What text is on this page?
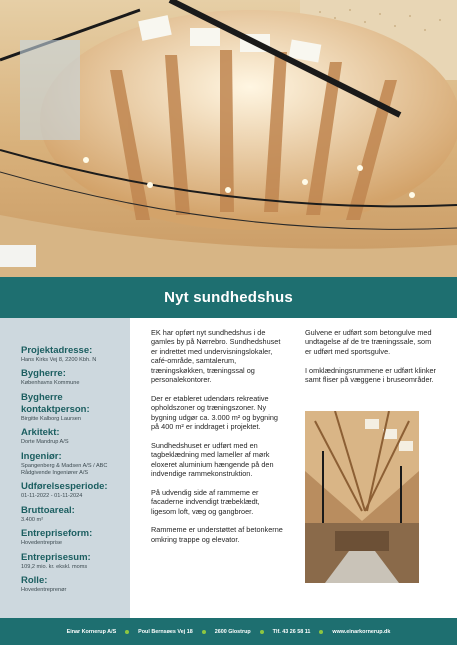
Nyt sundhedshus
Projektadresse:
Hans Kirks Vej 8, 2200 Kbh. N
Bygherre:
Københavns Kommune
Bygherre kontaktperson:
Birgitte Kalborg Laursen
Arkitekt:
Dorte Mandrup A/S
Ingeniør:
Spangenberg & Madsen A/S / ABC Rådgivende Ingeniører A/S
Udførelsesperiode:
01-11-2022 - 01-11-2024
Bruttoareal:
3.400 m²
Entrepriseform:
Hovedentreprise
Entreprisesum:
109,2 mio. kr. ekskl. moms
Rolle:
Hovedentreprenør

EK har opført nyt sundhedshus i de gamles by på Nørrebro. Sundhedshuset er indrettet med undervisningslokaler, café-område, samtalerum, træningskøkken, træningssal og personalekontorer.

Der er etableret udendørs rekreative opholdszoner og træningszoner. Ny bygning udgør ca. 3.000 m² og bygning på 400 m² er inddraget i projektet.

Sundhedshuset er udført med en tagbeklædning med lameller af mørk eloxeret aluminium hængende på den indvendige rammekonstruktion.

På udvendig side af rammeme er facaderne indvendigt træbeklædt, ligesom loft, væg og gangbroer.

Rammeme er understøttet af betonkerne omkring trappe og elevator.

Gulvene er udført som betongulve med undtagelse af de tre træningssale, som er udført med sportsgulve.

I omklædningsrummene er udført klinker samt fliser på væggene i bruseområder.

Einar Kornerup A/S	Poul Bernsøes Vej 18	2600 Glostrup	Tlf. 43 26 58 11	www.einarkornerup.dk
